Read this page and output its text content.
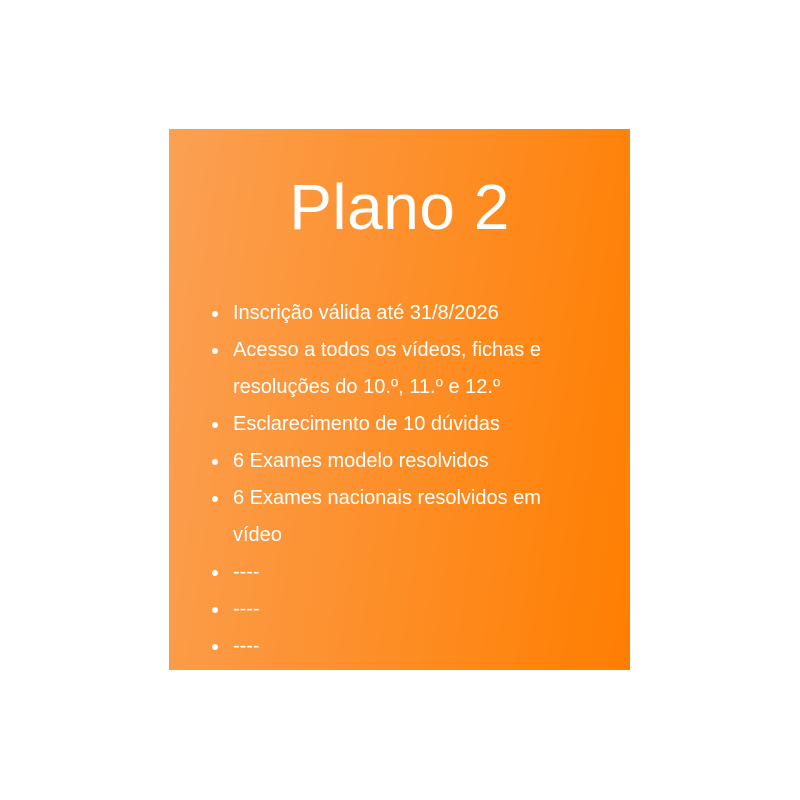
Plano 2
Inscrição válida até 31/8/2026
Acesso a todos os vídeos, fichas e resoluções do 10.º, 11.º e 12.º
Esclarecimento de 10 dúvidas
6 Exames modelo resolvidos
6 Exames nacionais resolvidos em vídeo
----
----
----
